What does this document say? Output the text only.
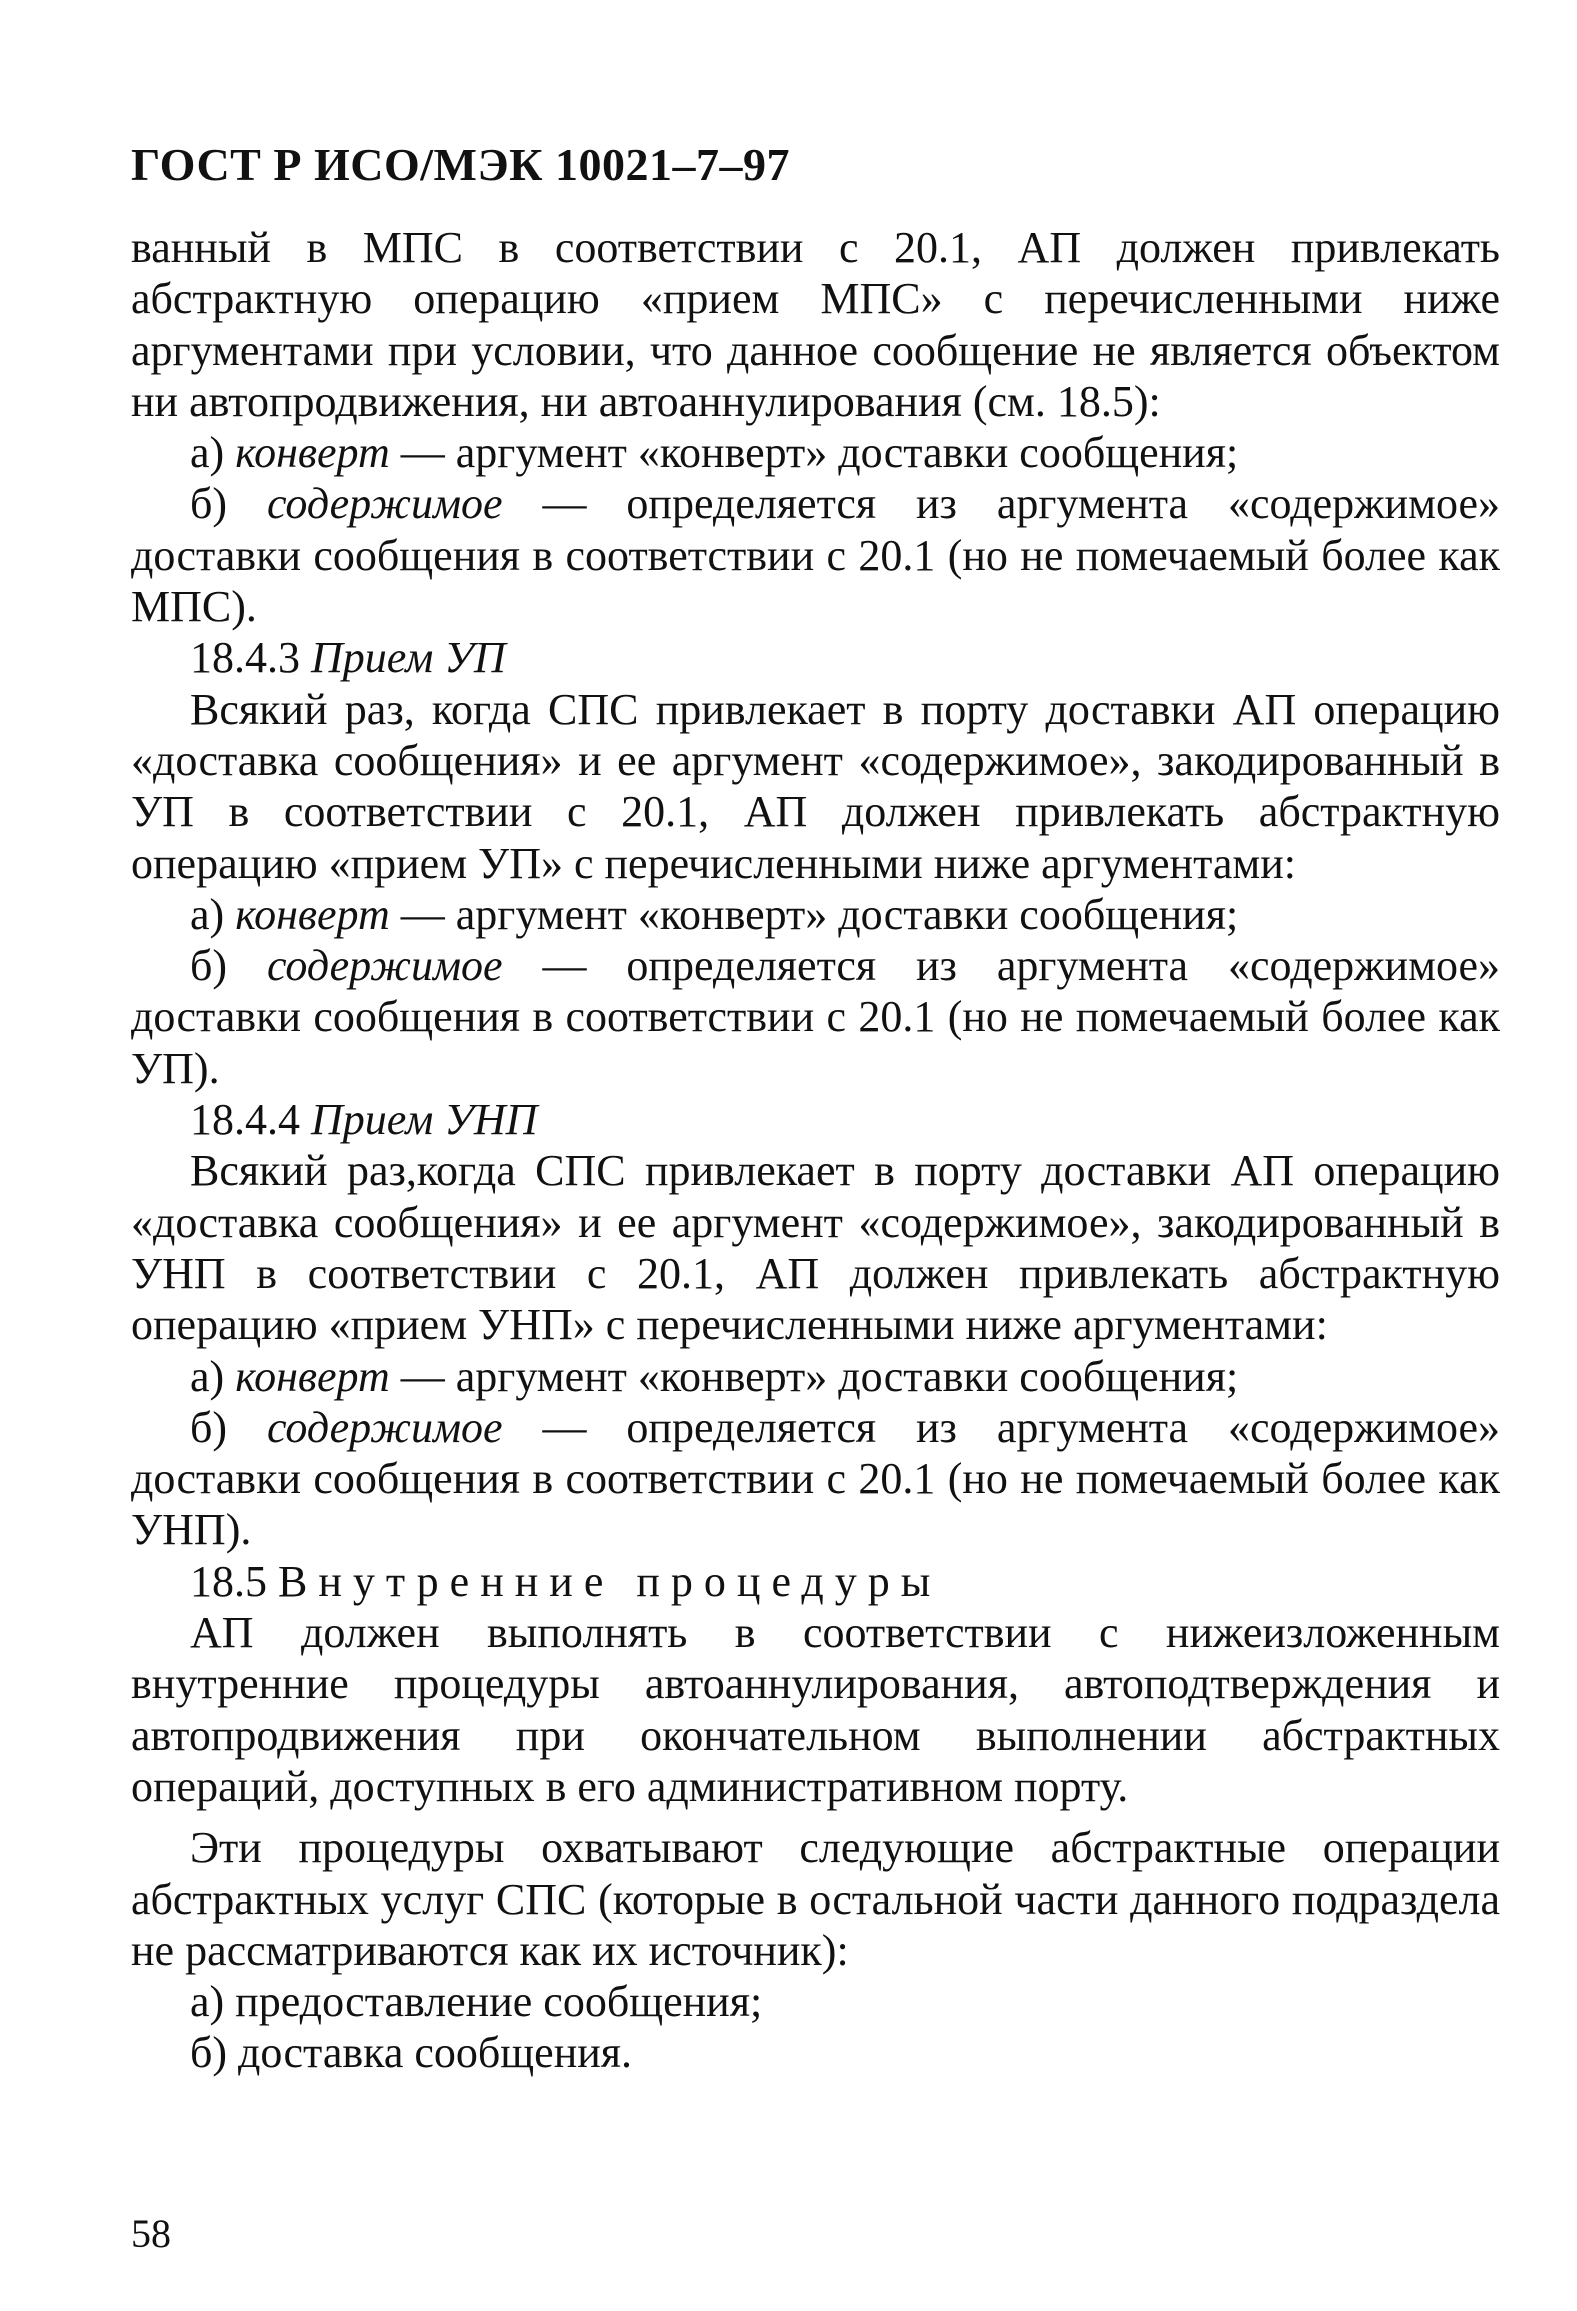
ГОСТ Р ИСО/МЭК 10021–7–97

ванный в МПС в соответствии с 20.1, АП должен привлекать абстрактную операцию «прием МПС» с перечисленными ниже аргументами при условии, что данное сообщение не является объектом ни автопродвижения, ни автоаннулирования (см. 18.5):

а) конверт — аргумент «конверт» доставки сообщения;

б) содержимое — определяется из аргумента «содержимое» доставки сообщения в соответствии с 20.1 (но не помечаемый более как МПС).

18.4.3 Прием УП

Всякий раз, когда СПС привлекает в порту доставки АП операцию «доставка сообщения» и ее аргумент «содержимое», закодированный в УП в соответствии с 20.1, АП должен привлекать абстрактную операцию «прием УП» с перечисленными ниже аргументами:

а) конверт — аргумент «конверт» доставки сообщения;

б) содержимое — определяется из аргумента «содержимое» доставки сообщения в соответствии с 20.1 (но не помечаемый более как УП).

18.4.4 Прием УНП

Всякий раз,когда СПС привлекает в порту доставки АП операцию «доставка сообщения» и ее аргумент «содержимое», закодированный в УНП в соответствии с 20.1, АП должен привлекать абстрактную операцию «прием УНП» с перечисленными ниже аргументами:

а) конверт — аргумент «конверт» доставки сообщения;

б) содержимое — определяется из аргумента «содержимое» доставки сообщения в соответствии с 20.1 (но не помечаемый более как УНП).

18.5 Внутренние процедуры

АП должен выполнять в соответствии с нижеизложенным внутренние процедуры автоаннулирования, автоподтверждения и автопродвижения при окончательном выполнении абстрактных операций, доступных в его административном порту.

Эти процедуры охватывают следующие абстрактные операции абстрактных услуг СПС (которые в остальной части данного подраздела не рассматриваются как их источник):

а) предоставление сообщения;

б) доставка сообщения.

58
